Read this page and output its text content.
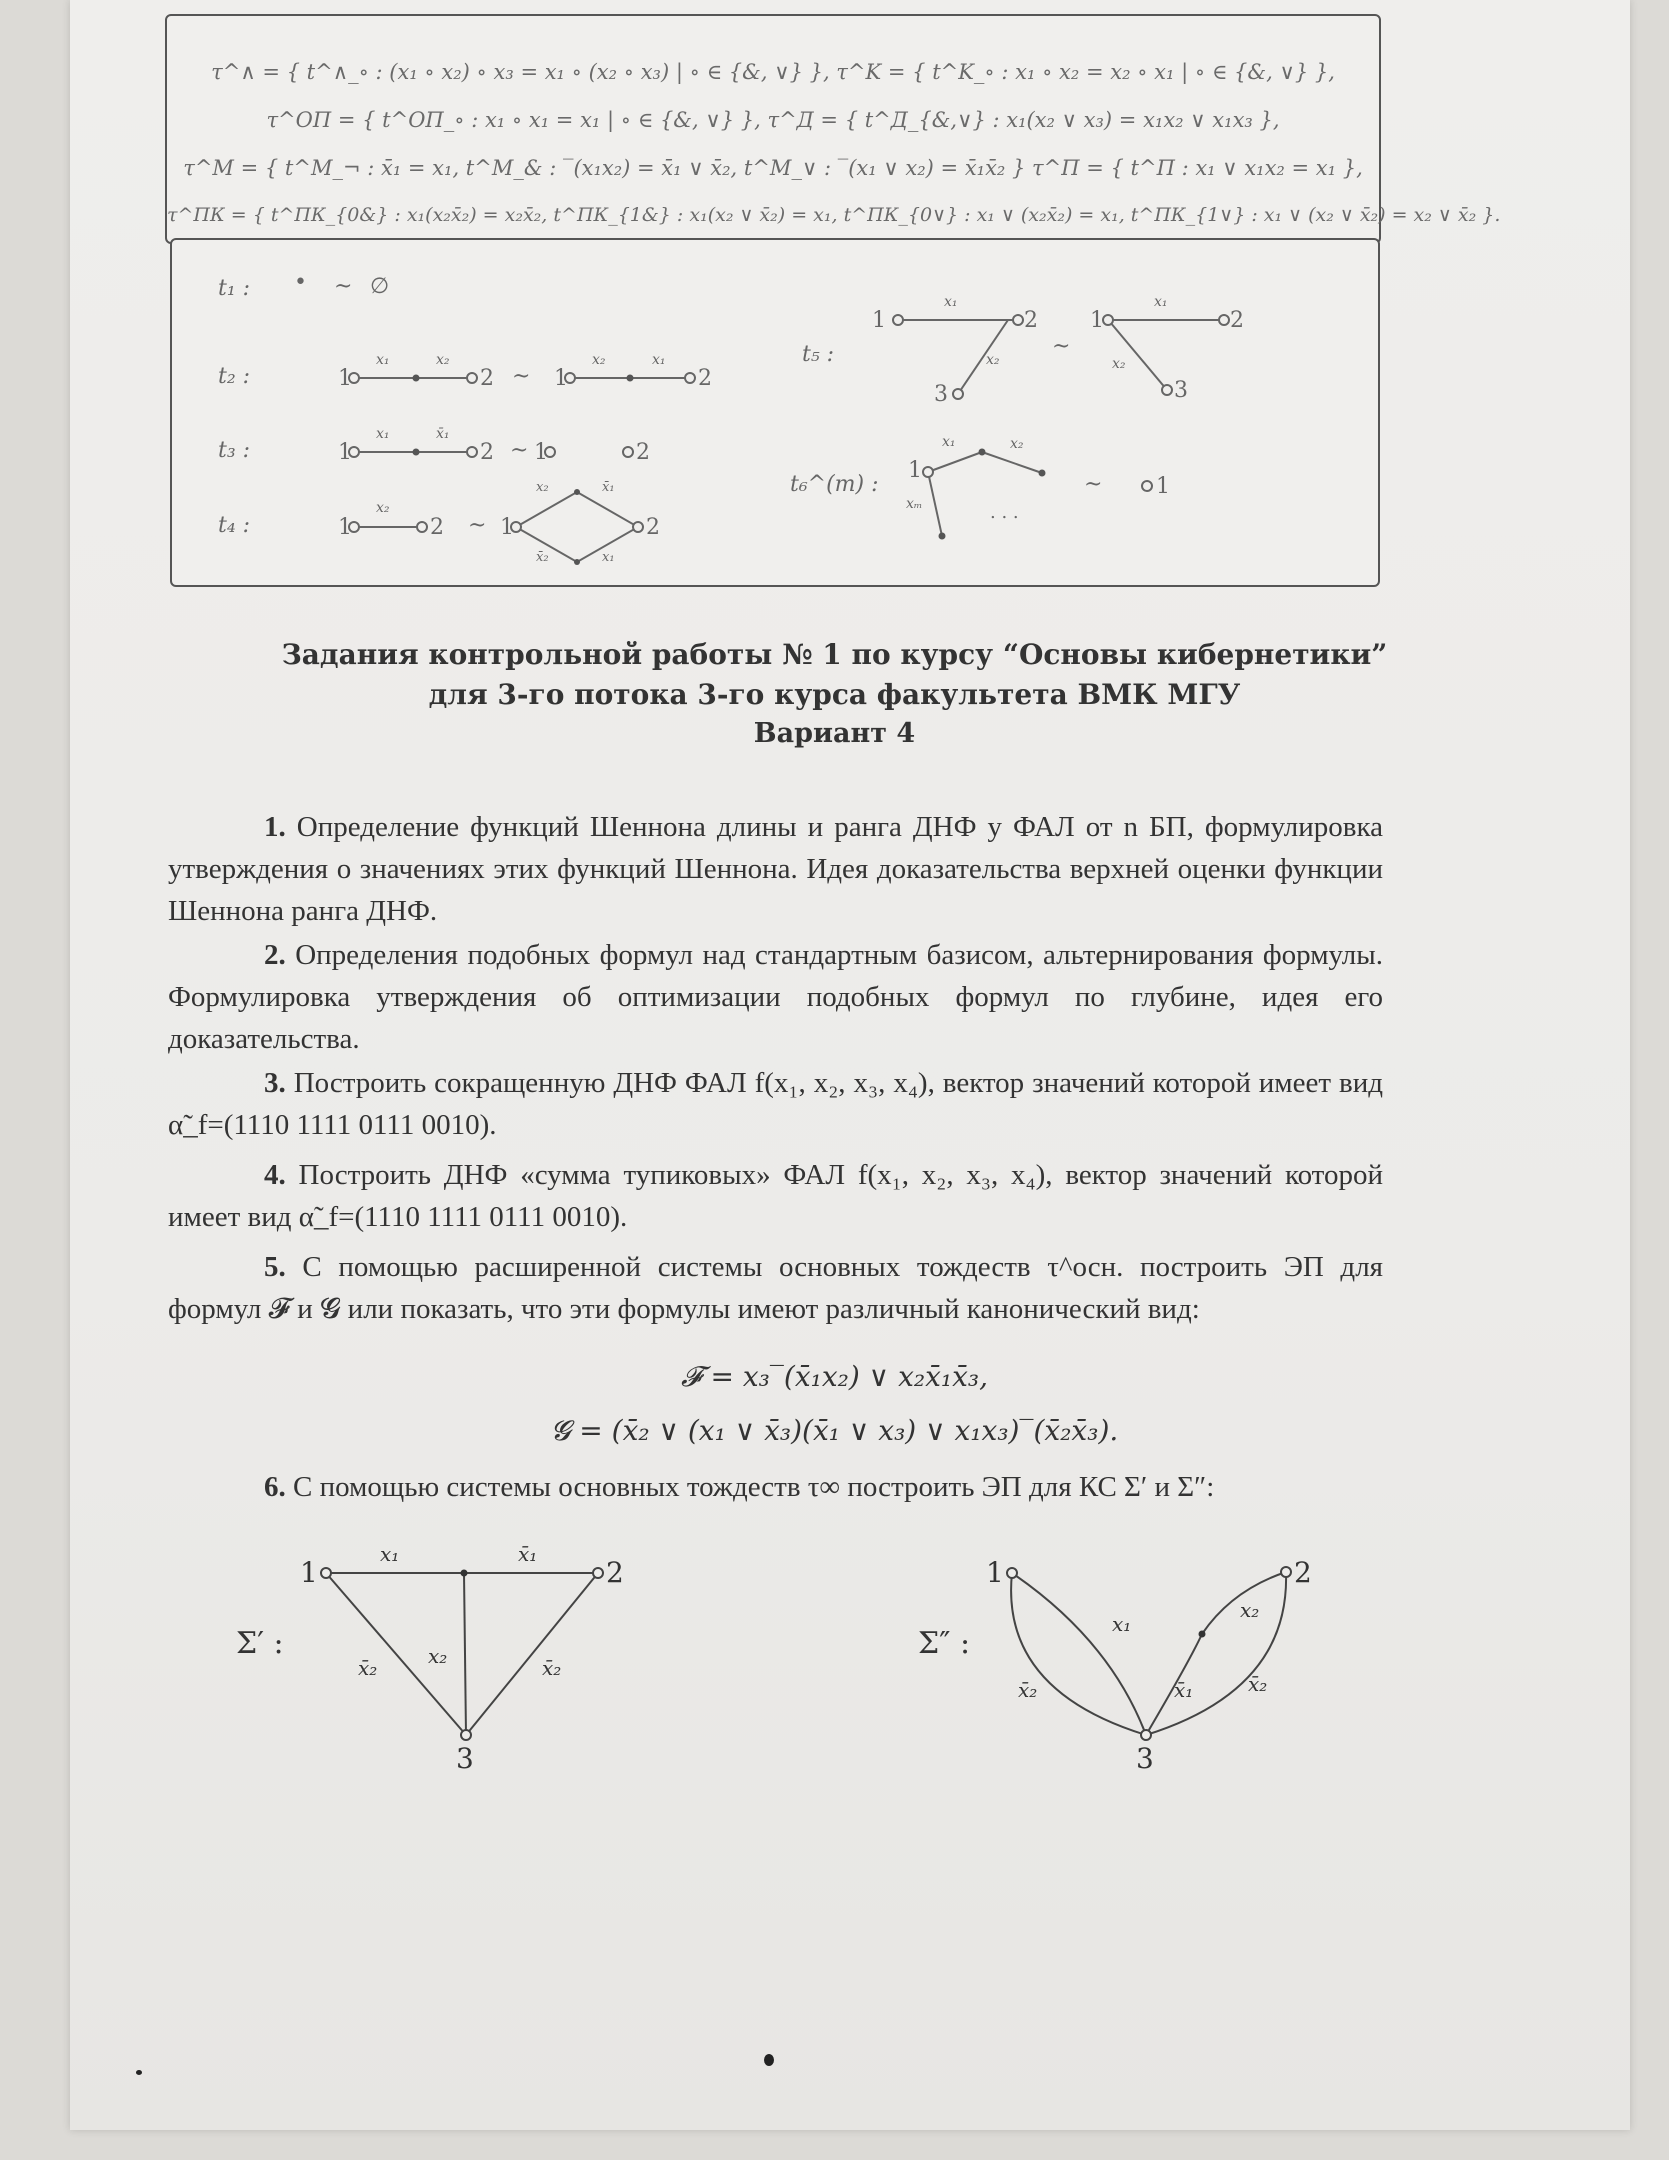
τ^∧ = { t^∧_∘ : (x₁ ∘ x₂) ∘ x₃ = x₁ ∘ (x₂ ∘ x₃) | ∘ ∈ {&, ∨} }, τ^K = { t^K_∘ : x₁ ∘ x₂ = x₂ ∘ x₁ | ∘ ∈ {&, ∨} },
τ^ОП = { t^ОП_∘ : x₁ ∘ x₁ = x₁ | ∘ ∈ {&, ∨} }, τ^Д = { t^Д_{&,∨} : x₁(x₂ ∨ x₃) = x₁x₂ ∨ x₁x₃ },
τ^M = { t^M_¬ : x̄̄₁ = x₁, t^M_& : ‾(x₁x₂) = x̄₁ ∨ x̄₂, t^M_∨ : ‾(x₁ ∨ x₂) = x̄₁x̄₂ } τ^П = { t^П : x₁ ∨ x₁x₂ = x₁ },
τ^ПК = { t^ПК_{0&} : x₁(x₂x̄₂) = x₂x̄₂, t^ПК_{1&} : x₁(x₂ ∨ x̄₂) = x₁, t^ПК_{0∨} : x₁ ∨ (x₂x̄₂) = x₁, t^ПК_{1∨} : x₁ ∨ (x₂ ∨ x̄₂) = x₂ ∨ x̄₂ }.
t₁ :
t₂ :
t₃ :
t₄ :
t₅ :
t₆^(m) :
• ~ ∅
1
x₁	x₂
2 ~ 1
x₂	x₁
2
1
x₁	x̄₁
2 ~ 1	2
1
x₂
2 ~ 1
x₂	x̄₁
x̄₂	x₁
2
1
x₁
2
x₂
3
~
1
x₁
2
x₂
3
1
x₁	x₂
xₘ	. . .
~ 1
Задания контрольной работы № 1 по курсу “Основы кибернетики”
для 3-го потока 3-го курса факультета ВМК МГУ
Вариант 4
1. Определение функций Шеннона длины и ранга ДНФ у ФАЛ от n БП, формулировка утверждения о значениях этих функций Шеннона. Идея доказательства верхней оценки функции Шеннона ранга ДНФ.
2. Определения подобных формул над стандартным базисом, альтернирования формулы. Формулировка утверждения об оптимизации подобных формул по глубине, идея его доказательства.
3. Построить сокращенную ДНФ ФАЛ f(x₁, x₂, x₃, x₄), вектор значений которой имеет вид α̃_f=(1110 1111 0111 0010).
4. Построить ДНФ «сумма тупиковых» ФАЛ f(x₁, x₂, x₃, x₄), вектор значений которой имеет вид α̃_f=(1110 1111 0111 0010).
5. С помощью расширенной системы основных тождеств τ^осн. построить ЭП для формул 𝓕 и 𝓖 или показать, что эти формулы имеют различный канонический вид:
𝓕 = x₃‾(x̄₁x₂) ∨ x₂x̄₁x̄₃,
𝓖 = (x̄₂ ∨ (x₁ ∨ x̄₃)(x̄₁ ∨ x₃) ∨ x₁x₃)‾(x̄₂x̄₃).
6. С помощью системы основных тождеств τ∞ построить ЭП для КС Σ′ и Σ″:
Σ′ :	Σ″ :
1	2
3
x₁	x̄₁
x̄₂	x₂	x̄₂
1	2
3
x₁
x̄₂
x₂
x̄₁	x̄₂
